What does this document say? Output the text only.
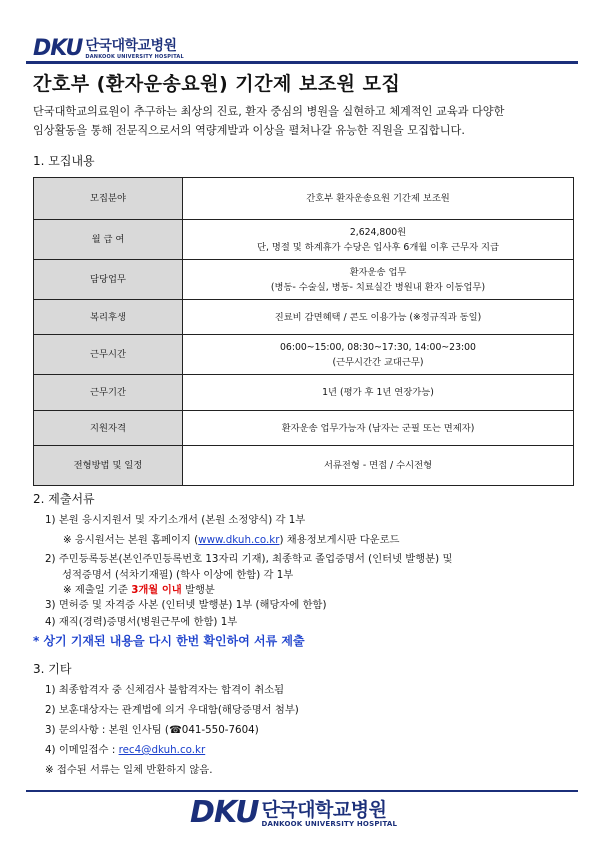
DKU 단국대학교병원
DANKOOK UNIVERSITY HOSPITAL
간호부 (환자운송요원) 기간제 보조원 모집
단국대학교의료원이 추구하는 최상의 진료, 환자 중심의 병원을 실현하고 체계적인 교육과 다양한
임상활동을 통해 전문직으로서의 역량계발과 이상을 펼쳐나갈 유능한 직원을 모집합니다.
1. 모집내용
모집분야	간호부 환자운송요원 기간제 보조원

월 급 여	2,624,800원
단, 명절 및 하계휴가 수당은 입사후 6개월 이후 근무자 지급

담당업무	환자운송 업무
(병동- 수술실, 병동- 치료실간 병원내 환자 이동업무)

복리후생	진료비 감면혜택 / 콘도 이용가능 (※정규직과 동일)

근무시간	06:00~15:00, 08:30~17:30, 14:00~23:00
(근무시간간 교대근무)

근무기간	1년 (평가 후 1년 연장가능)

지원자격	환자운송 업무가능자 (남자는 군필 또는 면제자)

전형방법 및 일정	서류전형 - 면접 / 수시전형
2. 제출서류
1) 본원 응시지원서 및 자기소개서 (본원 소정양식) 각 1부
※ 응시원서는 본원 홈페이지 (www.dkuh.co.kr) 채용정보게시판 다운로드
2) 주민등록등본(본인주민등록번호 13자리 기재), 최종학교 졸업증명서 (인터넷 발행분) 및
성적증명서 (석차기재필) (학사 이상에 한함) 각 1부
※ 제출일 기준 3개월 이내 발행분
3) 면허증 및 자격증 사본 (인터넷 발행분) 1부 (해당자에 한함)
4) 재직(경력)증명서(병원근무에 한함) 1부
* 상기 기재된 내용을 다시 한번 확인하여 서류 제출
3. 기타
1) 최종합격자 중 신체검사 불합격자는 합격이 취소됨
2) 보훈대상자는 관계법에 의거 우대함(해당증명서 첨부)
3) 문의사항 : 본원 인사팀 (☎041-550-7604)
4) 이메일접수 : rec4@dkuh.co.kr
※ 접수된 서류는 일체 반환하지 않음.
DKU 단국대학교병원
DANKOOK UNIVERSITY HOSPITAL
